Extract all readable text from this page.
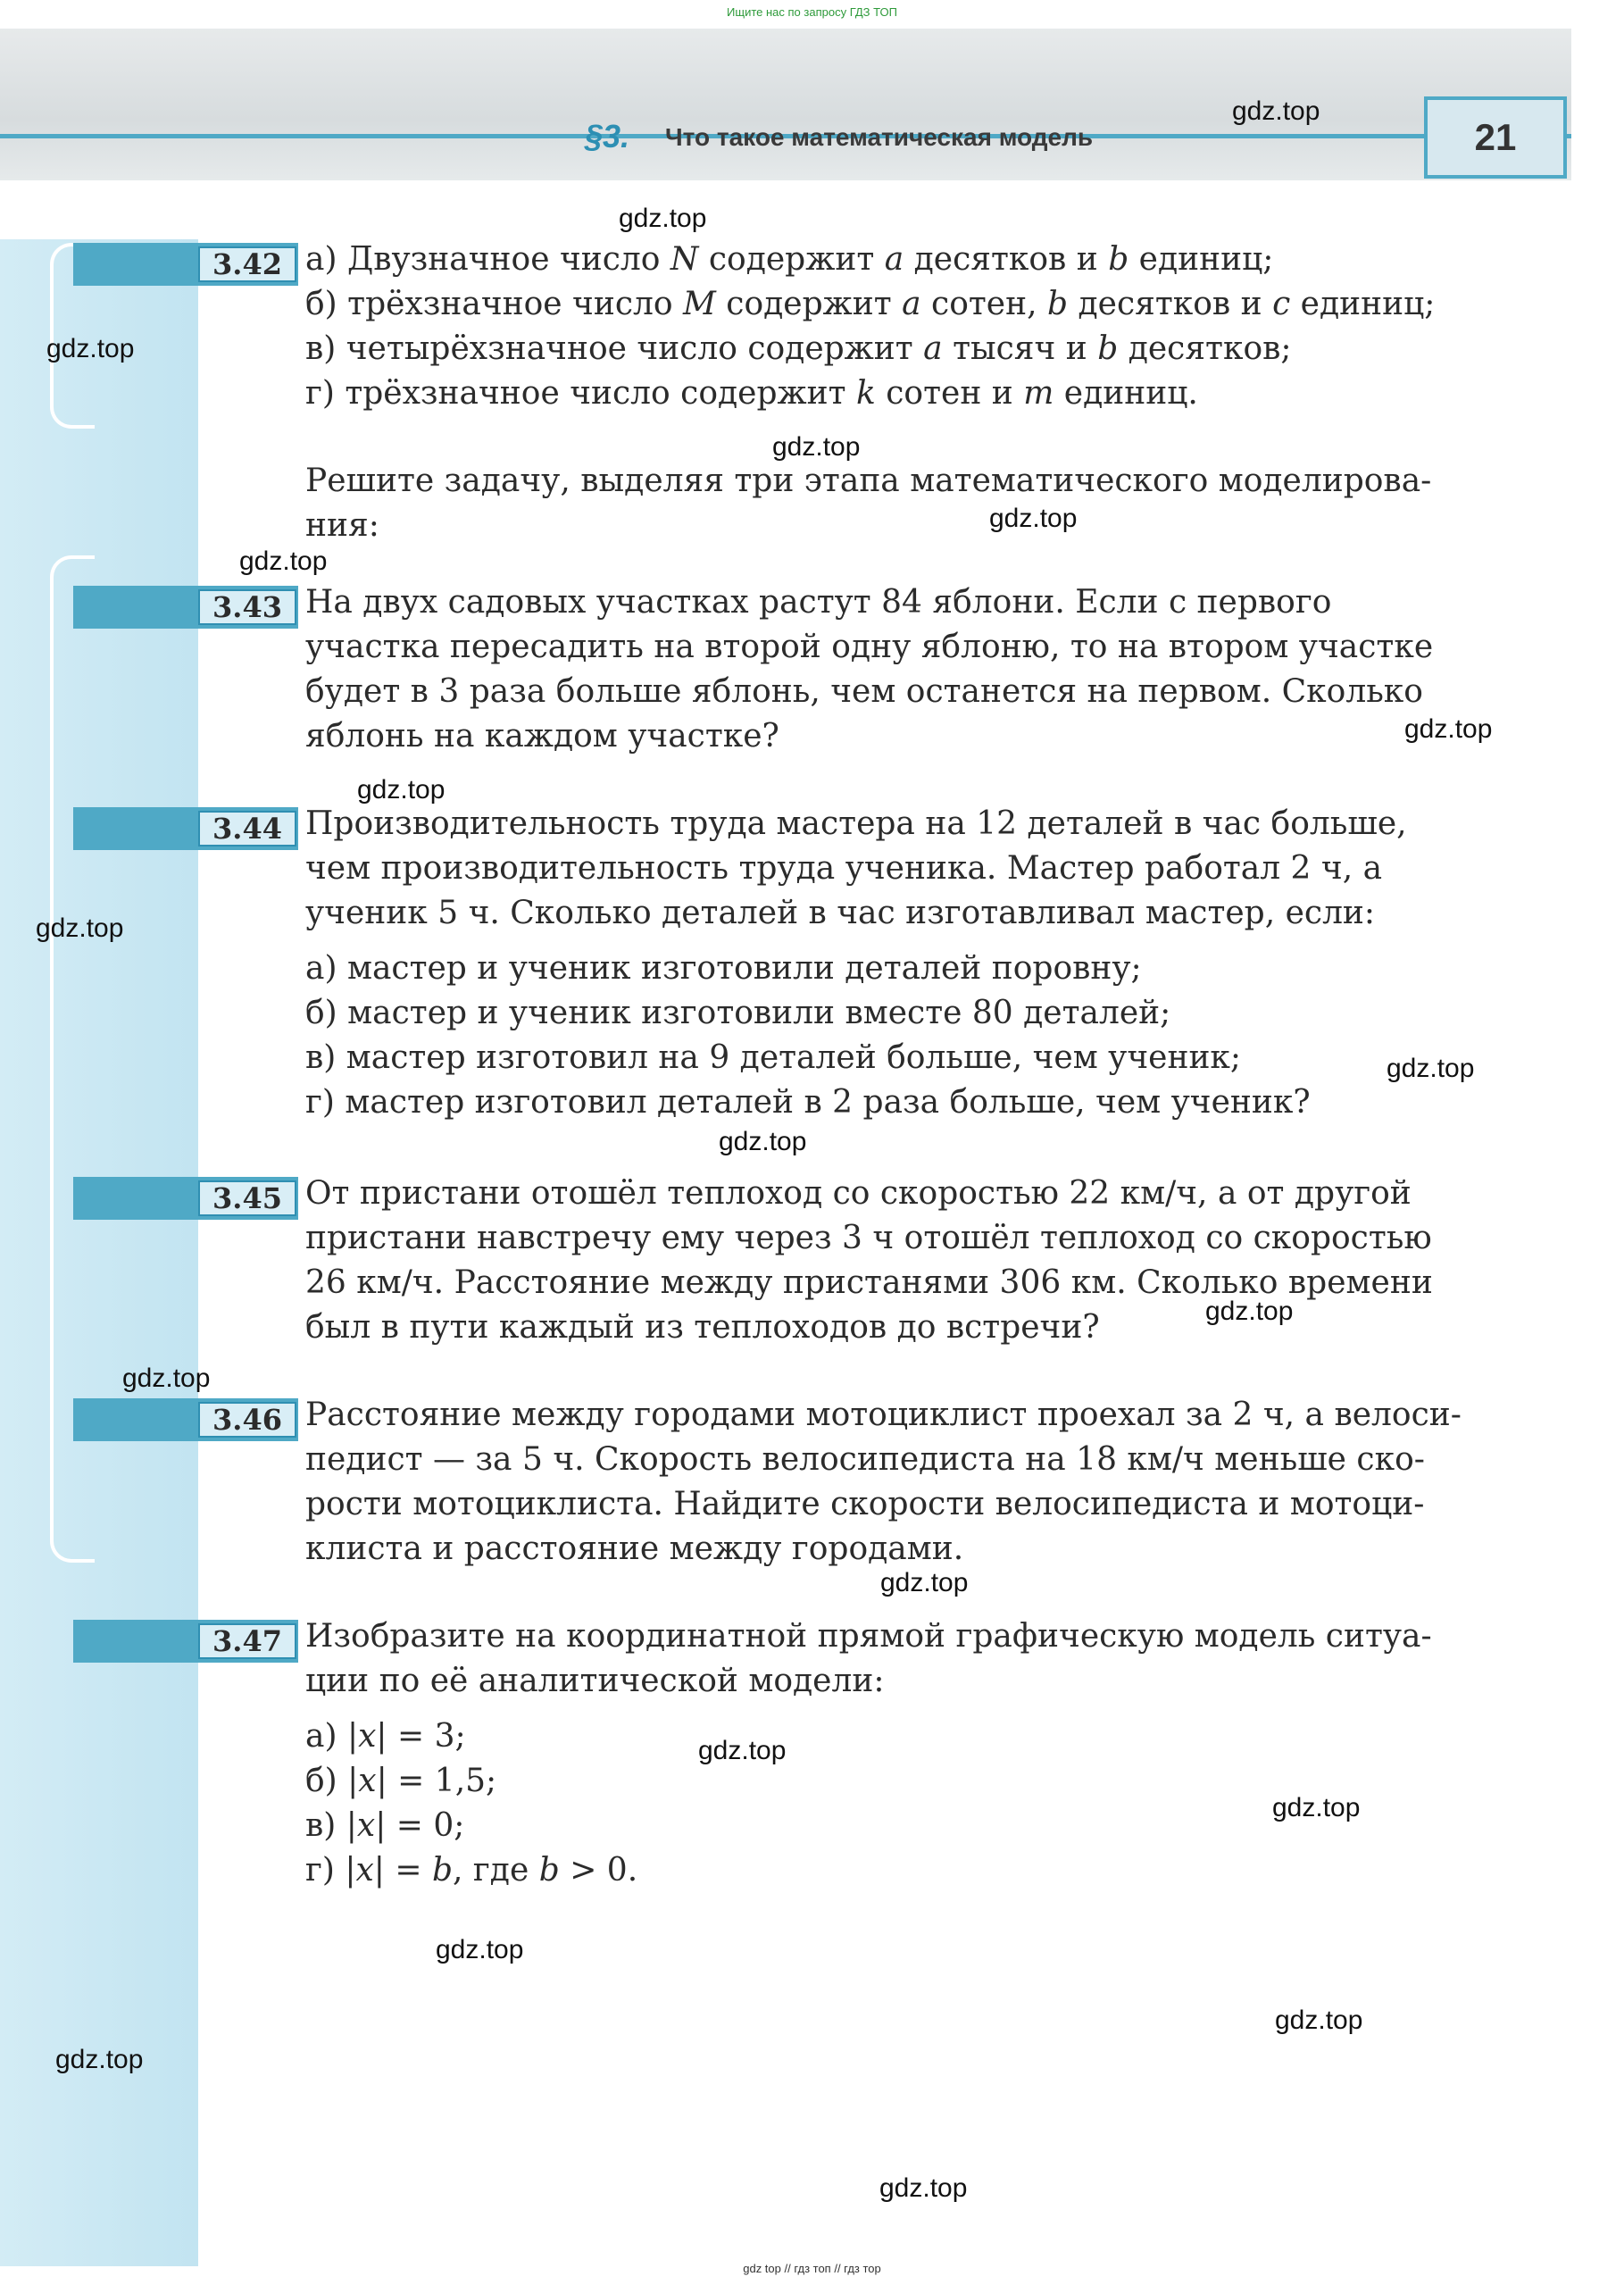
Ищите нас по запросу ГДЗ ТОП
§3. Что такое математическая модель	21
3.42 а) Двузначное число N содержит a десятков и b единиц;
б) трёхзначное число M содержит a сотен, b десятков и c единиц;
в) четырёхзначное число содержит a тысяч и b десятков;
г) трёхзначное число содержит k сотен и m единиц.
Решите задачу, выделяя три этапа математического моделирова-
ния:
3.43 На двух садовых участках растут 84 яблони. Если с первого
участка пересадить на второй одну яблоню, то на втором участке
будет в 3 раза больше яблонь, чем останется на первом. Сколько
яблонь на каждом участке?
3.44 Производительность труда мастера на 12 деталей в час больше,
чем производительность труда ученика. Мастер работал 2 ч, а
ученик 5 ч. Сколько деталей в час изготавливал мастер, если:
а) мастер и ученик изготовили деталей поровну;
б) мастер и ученик изготовили вместе 80 деталей;
в) мастер изготовил на 9 деталей больше, чем ученик;
г) мастер изготовил деталей в 2 раза больше, чем ученик?
3.45 От пристани отошёл теплоход со скоростью 22 км/ч, а от другой
пристани навстречу ему через 3 ч отошёл теплоход со скоростью
26 км/ч. Расстояние между пристанями 306 км. Сколько времени
был в пути каждый из теплоходов до встречи?
3.46 Расстояние между городами мотоциклист проехал за 2 ч, а велоси-
педист — за 5 ч. Скорость велосипедиста на 18 км/ч меньше ско-
рости мотоциклиста. Найдите скорости велосипедиста и мотоци-
клиста и расстояние между городами.
3.47 Изобразите на координатной прямой графическую модель ситуа-
ции по её аналитической модели:
а) |x| = 3;
б) |x| = 1,5;
в) |x| = 0;
г) |x| = b, где b > 0.
gdz.top
gdz.top
gdz.top
gdz.top
gdz.top
gdz.top
gdz.top
gdz.top
gdz.top
gdz.top
gdz.top
gdz.top
gdz.top
gdz.top
gdz.top
gdz.top
gdz.top
gdz.top
gdz.top
gdz.top
gdz top // гдз топ // гдз тор
